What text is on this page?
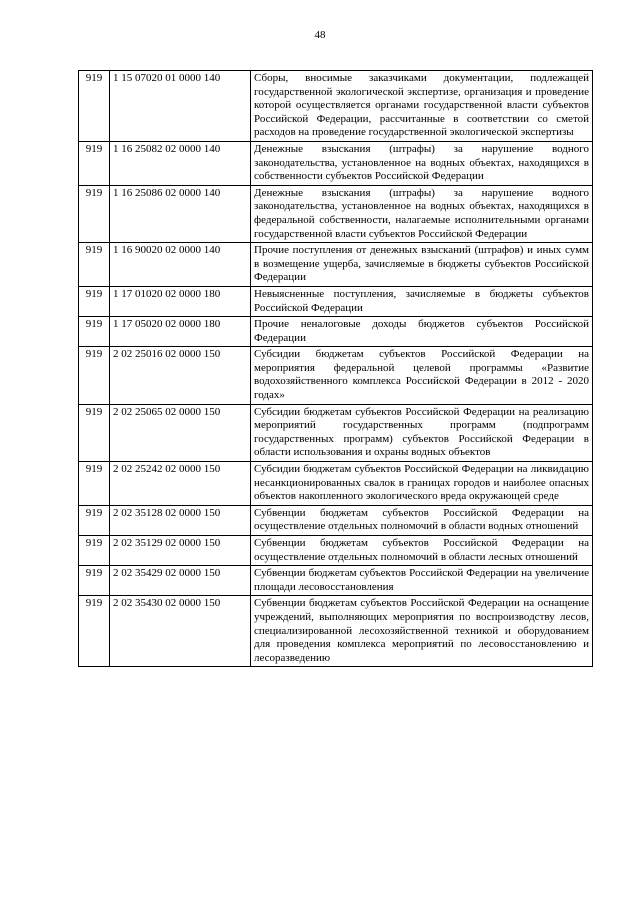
48
919	1 15 07020 01 0000 140	Сборы, вносимые заказчиками документации, подлежащей государственной экологической экспертизе, организация и проведение которой осуществляется органами государственной власти субъектов Российской Федерации, рассчитанные в соответствии со сметой расходов на проведение государственной экологической экспертизы
919	1 16 25082 02 0000 140	Денежные взыскания (штрафы) за нарушение водного законодательства, установленное на водных объектах, находящихся в собственности субъектов Российской Федерации
919	1 16 25086 02 0000 140	Денежные взыскания (штрафы) за нарушение водного законодательства, установленное на водных объектах, находящихся в федеральной собственности, налагаемые исполнительными органами государственной власти субъектов Российской Федерации
919	1 16 90020 02 0000 140	Прочие поступления от денежных взысканий (штрафов) и иных сумм в возмещение ущерба, зачисляемые в бюджеты субъектов Российской Федерации
919	1 17 01020 02 0000 180	Невыясненные поступления, зачисляемые в бюджеты субъектов Российской Федерации
919	1 17 05020 02 0000 180	Прочие неналоговые доходы бюджетов субъектов Российской Федерации
919	2 02 25016 02 0000 150	Субсидии бюджетам субъектов Российской Федерации на мероприятия федеральной целевой программы «Развитие водохозяйственного комплекса Российской Федерации в 2012 - 2020 годах»
919	2 02 25065 02 0000 150	Субсидии бюджетам субъектов Российской Федерации на реализацию мероприятий государственных программ (подпрограмм государственных программ) субъектов Российской Федерации в области использования и охраны водных объектов
919	2 02 25242 02 0000 150	Субсидии бюджетам субъектов Российской Федерации на ликвидацию несанкционированных свалок в границах городов и наиболее опасных объектов накопленного экологического вреда окружающей среде
919	2 02 35128 02 0000 150	Субвенции бюджетам субъектов Российской Федерации на осуществление отдельных полномочий в области водных отношений
919	2 02 35129 02 0000 150	Субвенции бюджетам субъектов Российской Федерации на осуществление отдельных полномочий в области лесных отношений
919	2 02 35429 02 0000 150	Субвенции бюджетам субъектов Российской Федерации на увеличение площади лесовосстановления
919	2 02 35430 02 0000 150	Субвенции бюджетам субъектов Российской Федерации на оснащение учреждений, выполняющих мероприятия по воспроизводству лесов, специализированной лесохозяйственной техникой и оборудованием для проведения комплекса мероприятий по лесовосстановлению и лесоразведению
